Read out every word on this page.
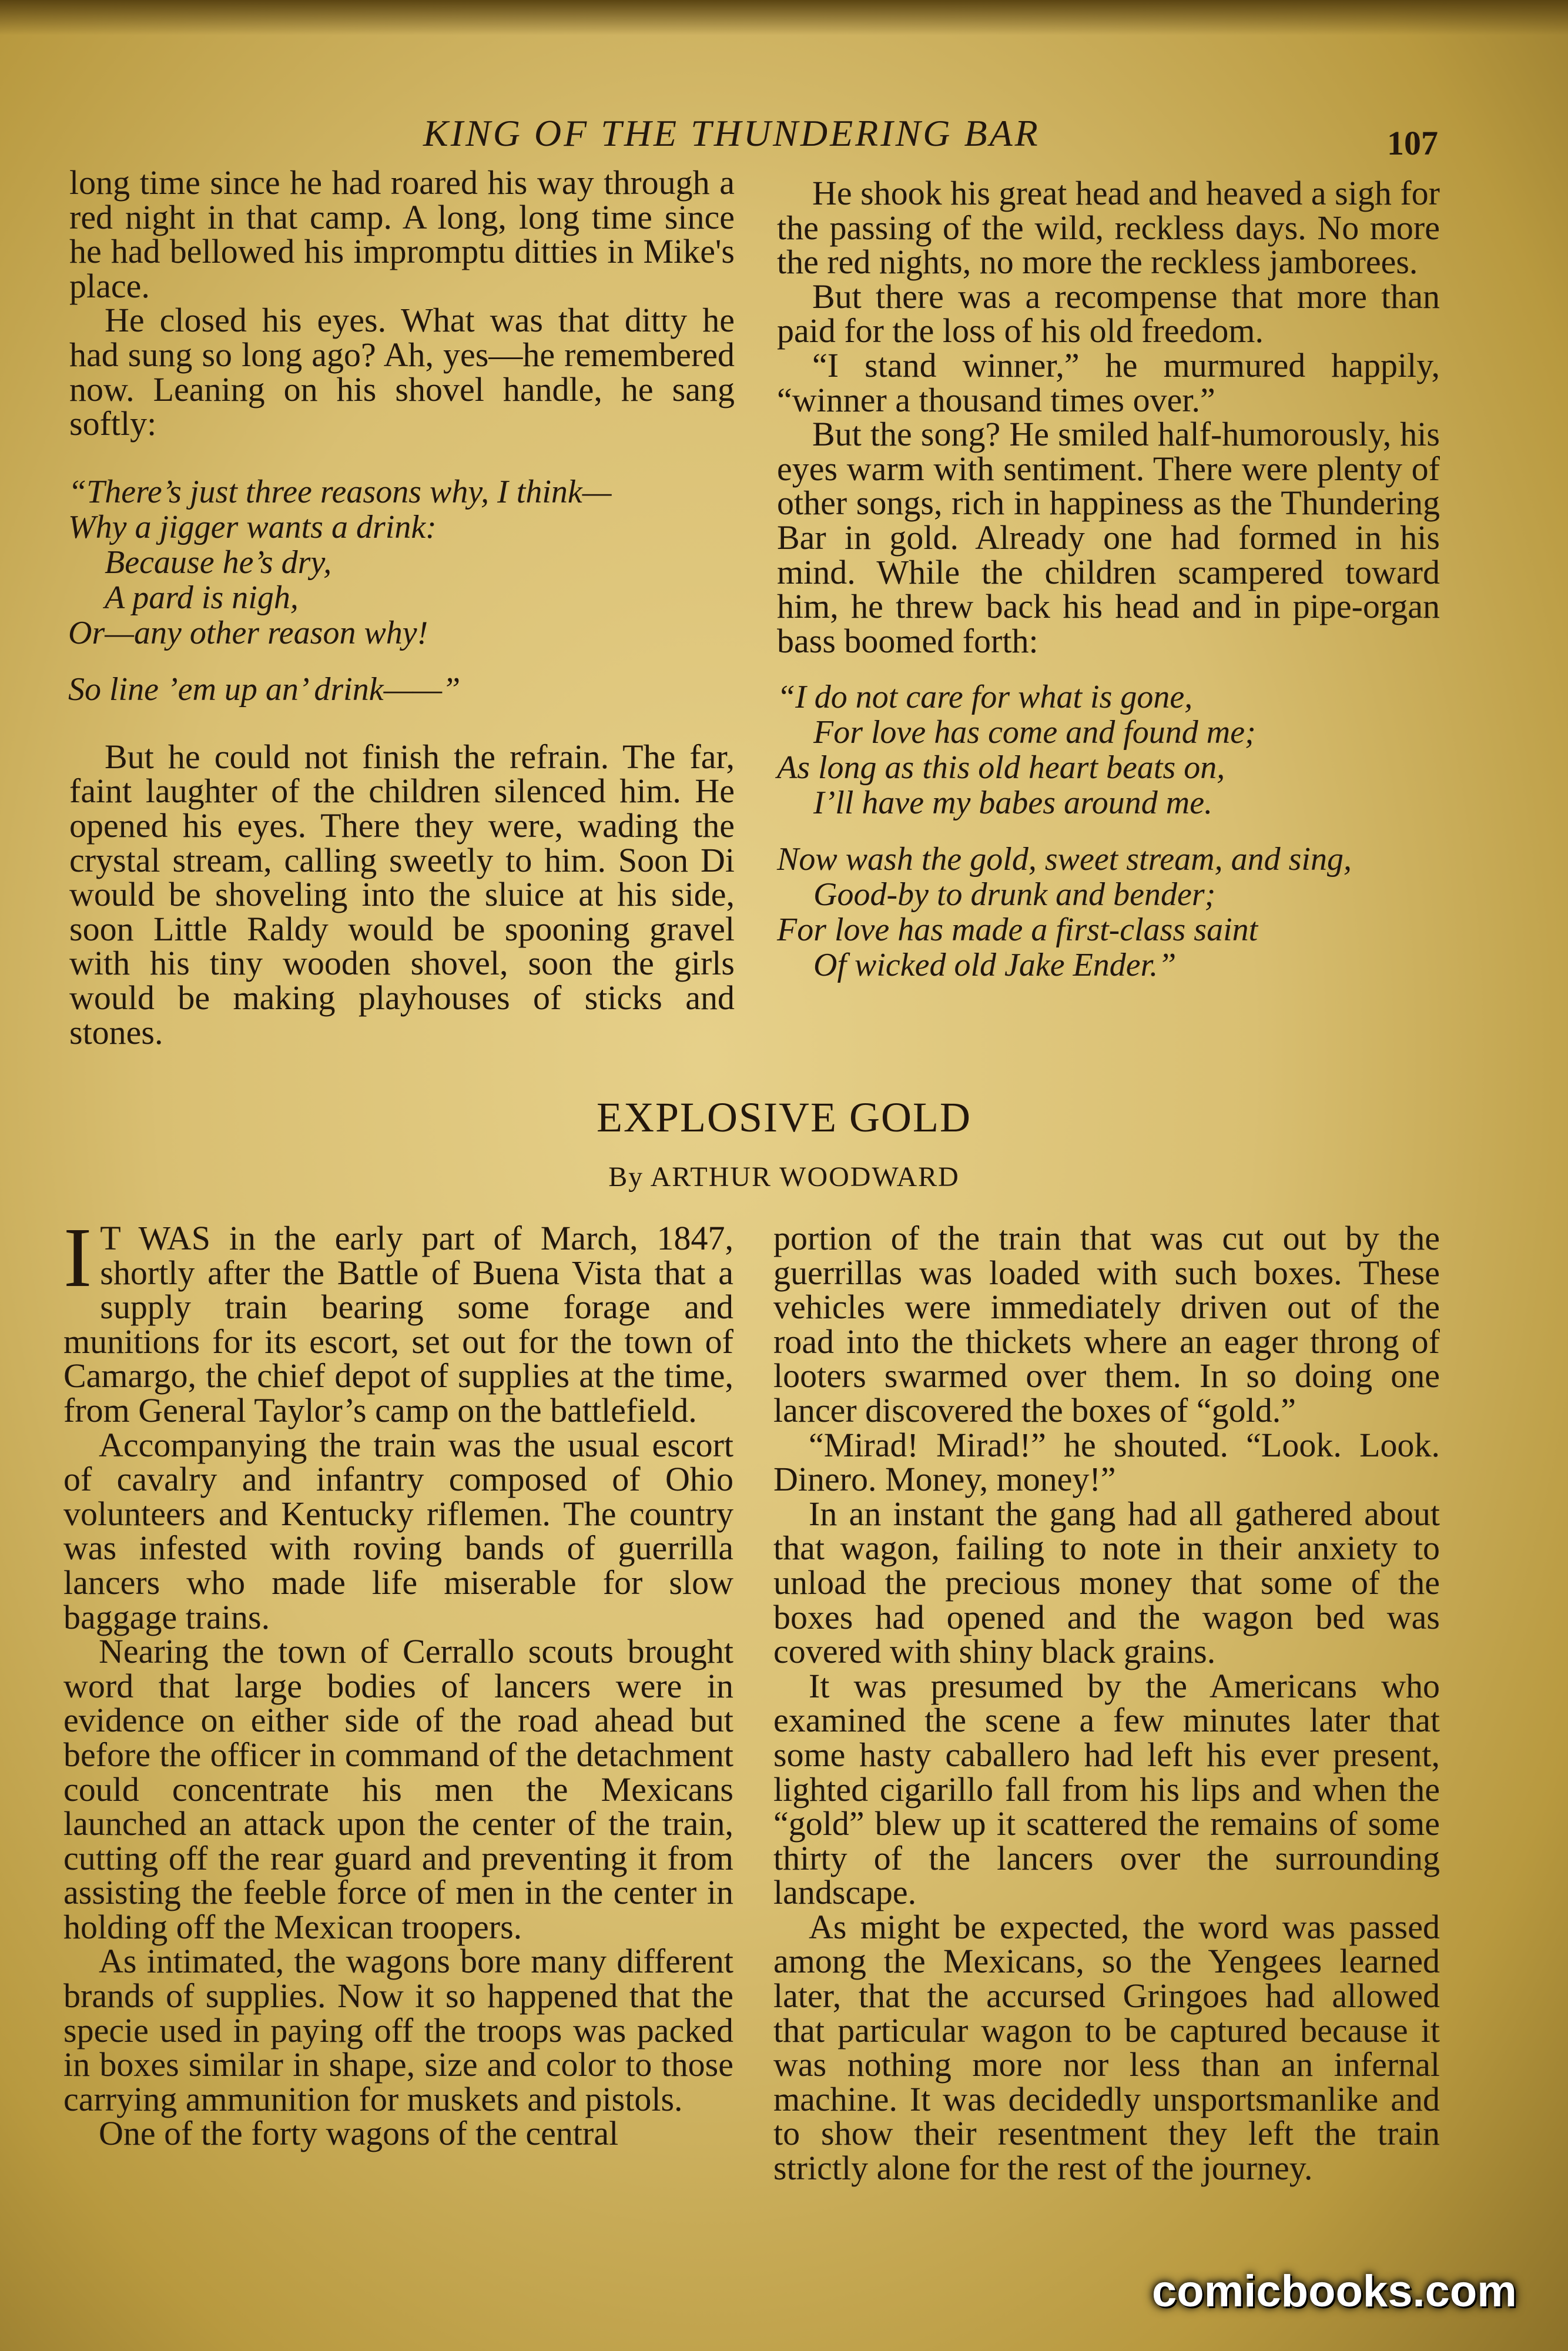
KING OF THE THUNDERING BAR	107

long time since he had roared his way through a red night in that camp. A long, long time since he had bellowed his impromptu ditties in Mike's place.

He closed his eyes. What was that ditty he had sung so long ago? Ah, yes—he remembered now. Leaning on his shovel handle, he sang softly:

“There’s just three reasons why, I think—
Why a jigger wants a drink:
Because he’s dry,
A pard is nigh,
Or—any other reason why!
So line ’em up an’ drink——”

But he could not finish the refrain. The far, faint laughter of the children silenced him. He opened his eyes. There they were, wading the crystal stream, calling sweetly to him. Soon Di would be shoveling into the sluice at his side, soon Little Raldy would be spooning gravel with his tiny wooden shovel, soon the girls would be making playhouses of sticks and stones.

He shook his great head and heaved a sigh for the passing of the wild, reckless days. No more the red nights, no more the reckless jamborees.

But there was a recompense that more than paid for the loss of his old freedom.

“I stand winner,” he murmured happily, “winner a thousand times over.”

But the song? He smiled half-humorously, his eyes warm with sentiment. There were plenty of other songs, rich in happiness as the Thundering Bar in gold. Already one had formed in his mind. While the children scampered toward him, he threw back his head and in pipe-organ bass boomed forth:

“I do not care for what is gone,
For love has come and found me;
As long as this old heart beats on,
I’ll have my babes around me.
Now wash the gold, sweet stream, and sing,
Good-by to drunk and bender;
For love has made a first-class saint
Of wicked old Jake Ender.”
EXPLOSIVE GOLD
By ARTHUR WOODWARD

I T WAS in the early part of March, 1847, shortly after the Battle of Buena Vista that a supply train bearing some forage and munitions for its escort, set out for the town of Camargo, the chief depot of supplies at the time, from General Taylor’s camp on the battlefield.

Accompanying the train was the usual escort of cavalry and infantry composed of Ohio volunteers and Kentucky riflemen. The country was infested with roving bands of guerrilla lancers who made life miserable for slow baggage trains.

Nearing the town of Cerrallo scouts brought word that large bodies of lancers were in evidence on either side of the road ahead but before the officer in command of the detachment could concentrate his men the Mexicans launched an attack upon the center of the train, cutting off the rear guard and preventing it from assisting the feeble force of men in the center in holding off the Mexican troopers.

As intimated, the wagons bore many different brands of supplies. Now it so happened that the specie used in paying off the troops was packed in boxes similar in shape, size and color to those carrying ammunition for muskets and pistols.

One of the forty wagons of the central

portion of the train that was cut out by the guerrillas was loaded with such boxes. These vehicles were immediately driven out of the road into the thickets where an eager throng of looters swarmed over them. In so doing one lancer discovered the boxes of “gold.”

“Mirad! Mirad!” he shouted. “Look. Look. Dinero. Money, money!”

In an instant the gang had all gathered about that wagon, failing to note in their anxiety to unload the precious money that some of the boxes had opened and the wagon bed was covered with shiny black grains.

It was presumed by the Americans who examined the scene a few minutes later that some hasty caballero had left his ever present, lighted cigarillo fall from his lips and when the “gold” blew up it scattered the remains of some thirty of the lancers over the surrounding landscape.

As might be expected, the word was passed among the Mexicans, so the Yengees learned later, that the accursed Gringoes had allowed that particular wagon to be captured because it was nothing more nor less than an infernal machine. It was decidedly unsportsmanlike and to show their resentment they left the train strictly alone for the rest of the journey.

comicbooks.com
